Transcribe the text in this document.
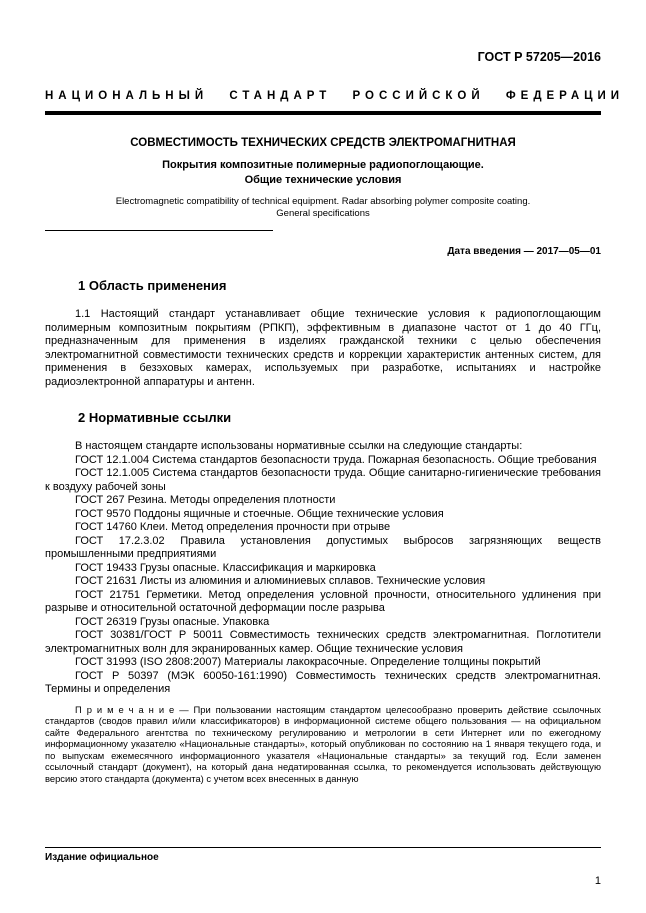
ГОСТ Р 57205—2016
НАЦИОНАЛЬНЫЙ СТАНДАРТ РОССИЙСКОЙ ФЕДЕРАЦИИ
СОВМЕСТИМОСТЬ ТЕХНИЧЕСКИХ СРЕДСТВ ЭЛЕКТРОМАГНИТНАЯ
Покрытия композитные полимерные радиопоглощающие.
Общие технические условия
Electromagnetic compatibility of technical equipment. Radar absorbing polymer composite coating.
General specifications
Дата введения — 2017—05—01
1 Область применения

1.1 Настоящий стандарт устанавливает общие технические условия к радиопоглощающим полимерным композитным покрытиям (РПКП), эффективным в диапазоне частот от 1 до 40 ГГц, предназначенным для применения в изделиях гражданской техники с целью обеспечения электромагнитной совместимости технических средств и коррекции характеристик антенных систем, для применения в безэховых камерах, используемых при разработке, испытаниях и настройке радиоэлектронной аппаратуры и антенн.

2 Нормативные ссылки

В настоящем стандарте использованы нормативные ссылки на следующие стандарты:

ГОСТ 12.1.004 Система стандартов безопасности труда. Пожарная безопасность. Общие требования

ГОСТ 12.1.005 Система стандартов безопасности труда. Общие санитарно-гигиенические требования к воздуху рабочей зоны

ГОСТ 267 Резина. Методы определения плотности

ГОСТ 9570 Поддоны ящичные и стоечные. Общие технические условия

ГОСТ 14760 Клеи. Метод определения прочности при отрыве

ГОСТ 17.2.3.02 Правила установления допустимых выбросов загрязняющих веществ промышленными предприятиями

ГОСТ 19433 Грузы опасные. Классификация и маркировка

ГОСТ 21631 Листы из алюминия и алюминиевых сплавов. Технические условия

ГОСТ 21751 Герметики. Метод определения условной прочности, относительного удлинения при разрыве и относительной остаточной деформации после разрыва

ГОСТ 26319 Грузы опасные. Упаковка

ГОСТ 30381/ГОСТ Р 50011 Совместимость технических средств электромагнитная. Поглотители электромагнитных волн для экранированных камер. Общие технические условия

ГОСТ 31993 (ISO 2808:2007) Материалы лакокрасочные. Определение толщины покрытий

ГОСТ Р 50397 (МЭК 60050-161:1990) Совместимость технических средств электромагнитная. Термины и определения

П р и м е ч а н и е — При пользовании настоящим стандартом целесообразно проверить действие ссылочных стандартов (сводов правил и/или классификаторов) в информационной системе общего пользования — на официальном сайте Федерального агентства по техническому регулированию и метрологии в сети Интернет или по ежегодному информационному указателю «Национальные стандарты», который опубликован по состоянию на 1 января текущего года, и по выпускам ежемесячного информационного указателя «Национальные стандарты» за текущий год. Если заменен ссылочный стандарт (документ), на который дана недатированная ссылка, то рекомендуется использовать действующую версию этого стандарта (документа) с учетом всех внесенных в данную

Издание официальное
1
